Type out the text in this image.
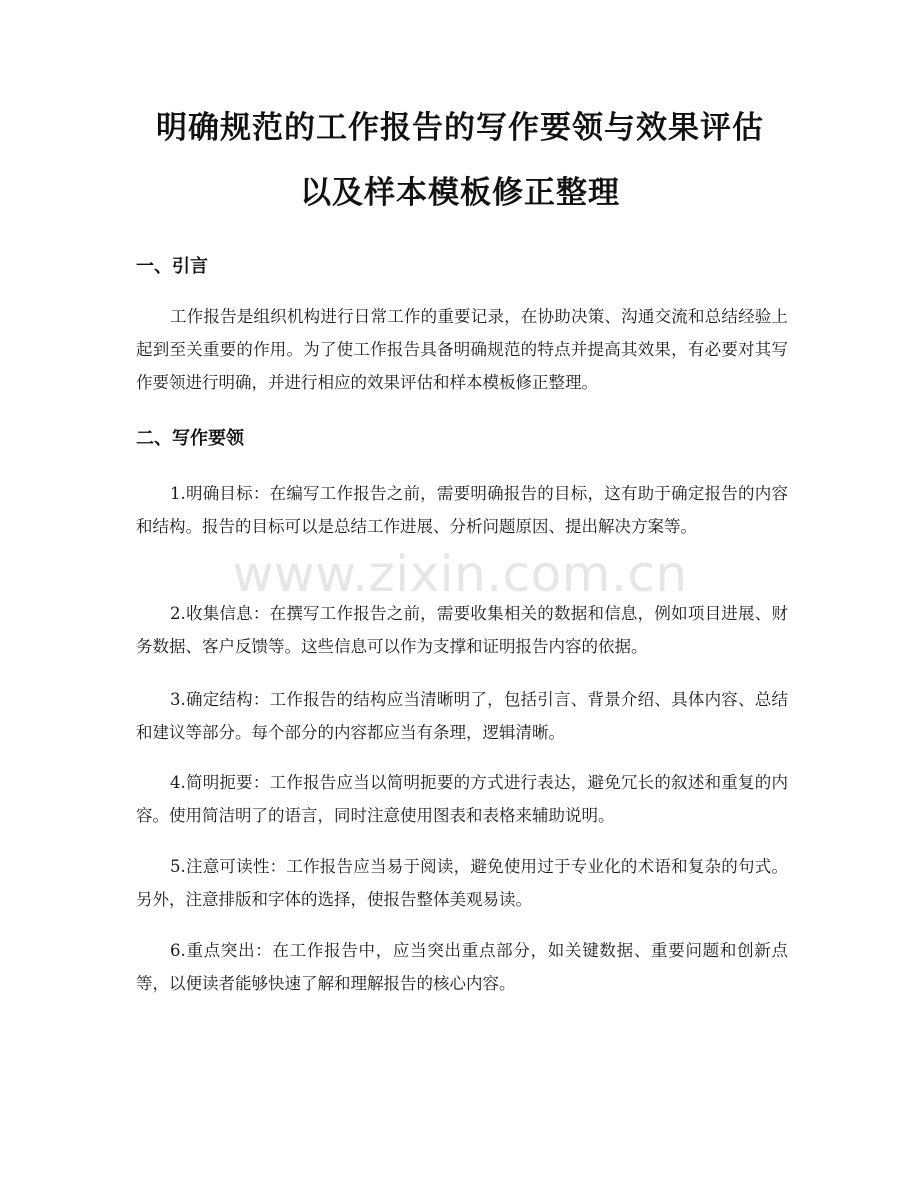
明确规范的工作报告的写作要领与效果评估
以及样本模板修正整理
一、引言

工作报告是组织机构进行日常工作的重要记录，在协助决策、沟通交流和总结经验上起到至关重要的作用。为了使工作报告具备明确规范的特点并提高其效果，有必要对其写作要领进行明确，并进行相应的效果评估和样本模板修正整理。

二、写作要领

1.明确目标：在编写工作报告之前，需要明确报告的目标，这有助于确定报告的内容和结构。报告的目标可以是总结工作进展、分析问题原因、提出解决方案等。

2.收集信息：在撰写工作报告之前，需要收集相关的数据和信息，例如项目进展、财务数据、客户反馈等。这些信息可以作为支撑和证明报告内容的依据。

3.确定结构：工作报告的结构应当清晰明了，包括引言、背景介绍、具体内容、总结和建议等部分。每个部分的内容都应当有条理，逻辑清晰。

4.简明扼要：工作报告应当以简明扼要的方式进行表达，避免冗长的叙述和重复的内容。使用简洁明了的语言，同时注意使用图表和表格来辅助说明。

5.注意可读性：工作报告应当易于阅读，避免使用过于专业化的术语和复杂的句式。另外，注意排版和字体的选择，使报告整体美观易读。

6.重点突出：在工作报告中，应当突出重点部分，如关键数据、重要问题和创新点等，以便读者能够快速了解和理解报告的核心内容。

www.zixin.com.cn
